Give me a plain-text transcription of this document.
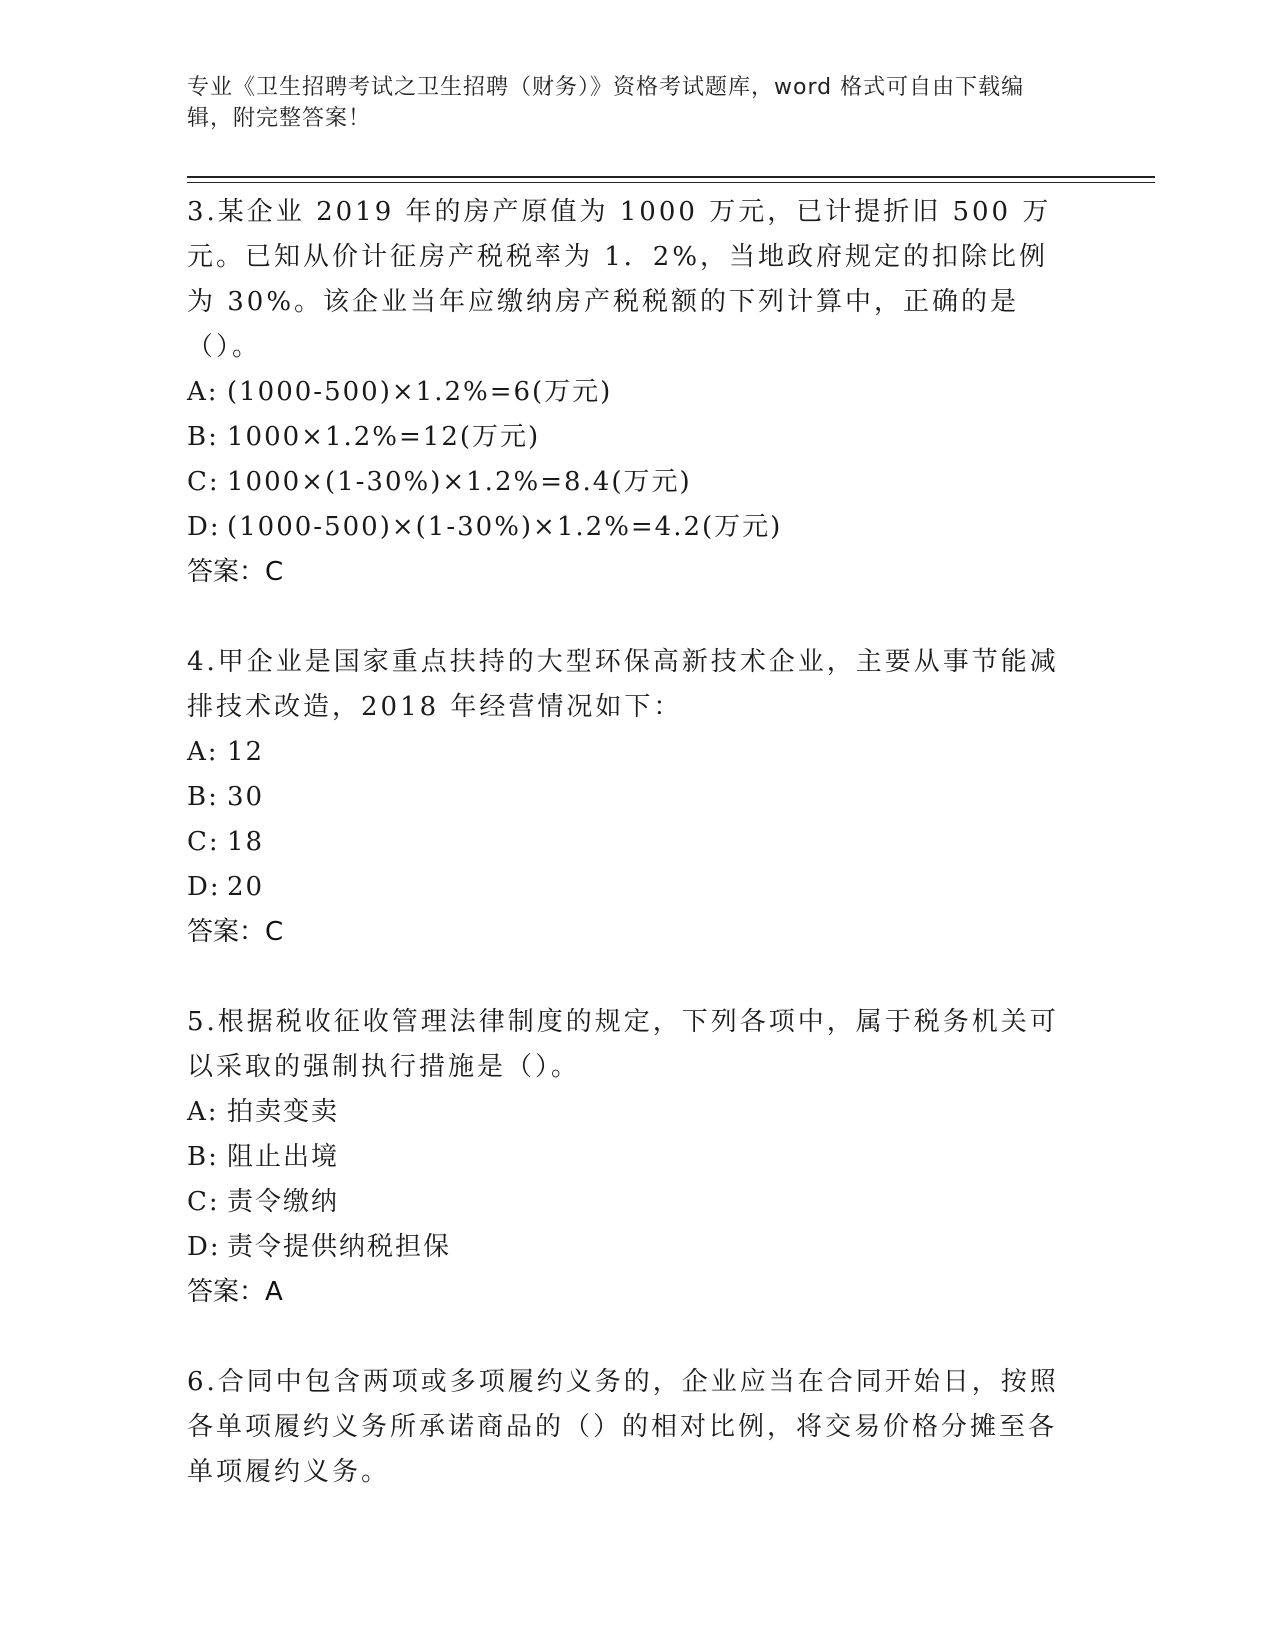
专业《卫生招聘考试之卫生招聘（财务）》资格考试题库，word 格式可自由下载编辑，附完整答案！

3.某企业 2019 年的房产原值为 1000 万元，已计提折旧 500 万元。已知从价计征房产税税率为 1．2%，当地政府规定的扣除比例为 30%。该企业当年应缴纳房产税税额的下列计算中，正确的是（）。

A: (1000-500)×1.2%=6(万元)

B: 1000×1.2%=12(万元)

C: 1000×(1-30%)×1.2%=8.4(万元)

D: (1000-500)×(1-30%)×1.2%=4.2(万元)

答案：C

4.甲企业是国家重点扶持的大型环保高新技术企业，主要从事节能减排技术改造，2018 年经营情况如下：

A: 12

B: 30

C: 18

D: 20

答案：C

5.根据税收征收管理法律制度的规定，下列各项中，属于税务机关可以采取的强制执行措施是（）。

A: 拍卖变卖

B: 阻止出境

C: 责令缴纳

D: 责令提供纳税担保

答案：A

6.合同中包含两项或多项履约义务的，企业应当在合同开始日，按照各单项履约义务所承诺商品的（）的相对比例，将交易价格分摊至各单项履约义务。
